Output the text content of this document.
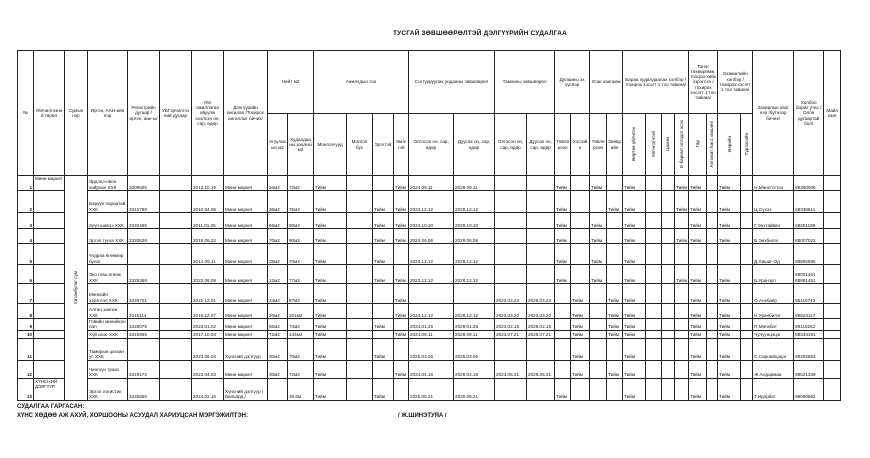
ТУСГАЙ ЗӨВШӨӨРӨЛТЭЙ ДЭЛГҮҮРИЙН СУДАЛГАА
№	Үйлчилгээний төрөл	Сумын нэр	Иргэн, ААН-ийн нэр	Регистрийн дугаар /иргэн, аан-ы/	УБГэрчилгээний дугаар	Үйл ажиллагаа явуулж эхэлсэн он, сар, өдөр	Дэлгүүрийн ангилал /Тохирох ангиллыг бичих/	Нийт м2		Ажилчдын тоо				Согтууруулах ундааны зөвшөөрөл		Тамхины зөвшөөрөл		Дулааны эх үүсвэр		Усан хангамж		Бараа худалдаалах хэлбэр /тохирох хэсэгт 1 тоо тавина/				Тоног төхөөрөмж, тооцоо хийх хэрэгсэл /тохирох хэсэгт 1 тоо тавина/		Эзэмшлийн хэлбэр /тохирох хэсэгт 1 тоо тавина/		Захирлын овог нэр /бүтнээр бичих/	Холбоо барих утас /Олон дугаартай бол/	Майл хаяг
								Агуулахын м2	Худалдааны заалны м2	Монголчууд	Монгол бус	Эрэгтэй	Эмэгтэй	Олгосон он, сар, өдөр	Дуусах он, сар, өдөр	Олгосон он, сар, өдөр	Дуусах он, сар, өдөр	Төвлөрсөн	Хэсгийн	Төвлөрсөн	Зөөврийн	Өөртөө үйлчлэх	Үйлчлэгчтэй	Цахим	E-баримт олгодог эсэх	Гар	Автомат /касс машин/	Өөрийн	Түрээсийн			
1	Мини маркет	Хатанбулаг сум	Эрдэнэ-овоо хайрхан ХХК	3309506		2012.10.19	Мини маркет	34м2	72м2	Тийм			Тийм	2024.09.11	2029.09.11			Тийм		Тийм		Тийм			Тийм	Тийм		Тийм		Н.Мөнхтогтох	88360006	
2			Баруун-хараатай ХХК	3312798		2010.04.06	Мини маркет	36м2	75м2	Тийм		Тийм	Тийм	2023.12.12	2028.12.12			Тийм			Тийм	Тийм			Тийм	Тийм		Тийм		Ц.Сүхээ	88336611	
3			Зүүн шивээ ХХК	3320499		2011.01.25	Мини маркет	66м2	90м2	Тийм		Тийм	Тийм	2024.10.10	2029.10.10			Тийм		Тийм		Тийм				Тийм		Тийм		Г.Энхтайван	88251199	
4			Эргэл тунга ХХК	3320626		2018.06.22	Мини маркет	70м2	90м2	Тийм		Тийм	Тийм	2024.06.06	2029.06.06			Тийм		Тийм		Тийм			Тийм	Тийм		Тийм		Б.Энхбилэг	88007022	
5			Үндраа өгөөмөр булаг			2014.09.11	Мини маркет	35м2	70м2	Тийм		Тийм		2023.12.12	2028.12.12			Тийм		Тийм		Тийм								Д.Хишиг-Од	88892565	
6			Эко говь өгөөж ХХК	3325366		2022.06.09	Мини маркет	12м2	77м2	Тийм		Тийм	Тийм	2023.12.12	2028.12.12			Тийм		Тийм		Тийм			Тийм	Тийм		Тийм		Б.Уранзул	88001451 88881451	
7			Мөнхийн зэрэглэл ХХК	3326721		2022.12.01	Мини маркет	24м2	87м2	Тийм			Тийм			2023.03.22	2026.03.22		Тийм		Тийм	Тийм				Тийм		Тийм		О.Анхбаяр	95116743	
8			Алтан зангиа ХХК	3316114		2016.12.07	Мини маркет	20м2	101м2	Тийм			Тийм	2023.12.12	2028.12.12	2023.03.20	2023.03.20		Тийм		Тийм	Тийм				Тийм		Тийм		Н.Уранбилэг	88523117	
9			Говийн минийхэн пал	3325075		2023.01.02	Мини маркет	56м2	74м2	Тийм		Тийм		2024.01.25	2029.01.25	2023.02.15	2026.02.15		Тийм		Тийм	Тийм				Тийм		Тийм		П.Мөнхбат	89116262	
10			Хүй алаг ХХК	3316955		2017.10.04	Мини маркет	72м2	144м2	Тийм			Тийм	2024.09.11	2029.09.11	2023.07.21	2026.07.21		Тийм		Тийм	Тийм				Тийм		Тийм		Чулуунцэцэг	88334151	
11			Тамирын цагаан ус ХХК			2023.06.04	Хүнсний дэлгүүр	30м2	70м2	Тийм		Тийм		2025.03.06	2025.03.06				Тийм			Тийм				Тийм		Тийм		С.Сарнайцэцэг	89292653	
12			Чингүүн транс ХХК	3319172		2023.04.03	Мини маркет	30м2	72м2	Тийм			Тийм	2024.04.18	2029.04.18	2023.05.31	2026.05.31		Тийм		Тийм	Тийм				Тийм		Тийм		Ж.Алдармаа	88521339	
13	ХҮНСНИЙ ДЭЛГҮҮР		Эргэл логистик ХХК	3325866		2024.02.16	Хүнсний дэлгүүр / Бильярд /		36.6м	Тийм		Тийм		2025.06.21	2030.06.21			Тийм				Тийм				Тийм		Тийм		Т.Идэрбат	99090962	
СУДАЛГАА ГАРГАСАН:
ХҮНС ХӨДӨӨ АЖ АХУЙ, ХОРШООНЫ АСУУДАЛ ХАРИУЦСАН МЭРГЭЖИЛТЭН:	/ Ж.ШИНЭТУЯА /
